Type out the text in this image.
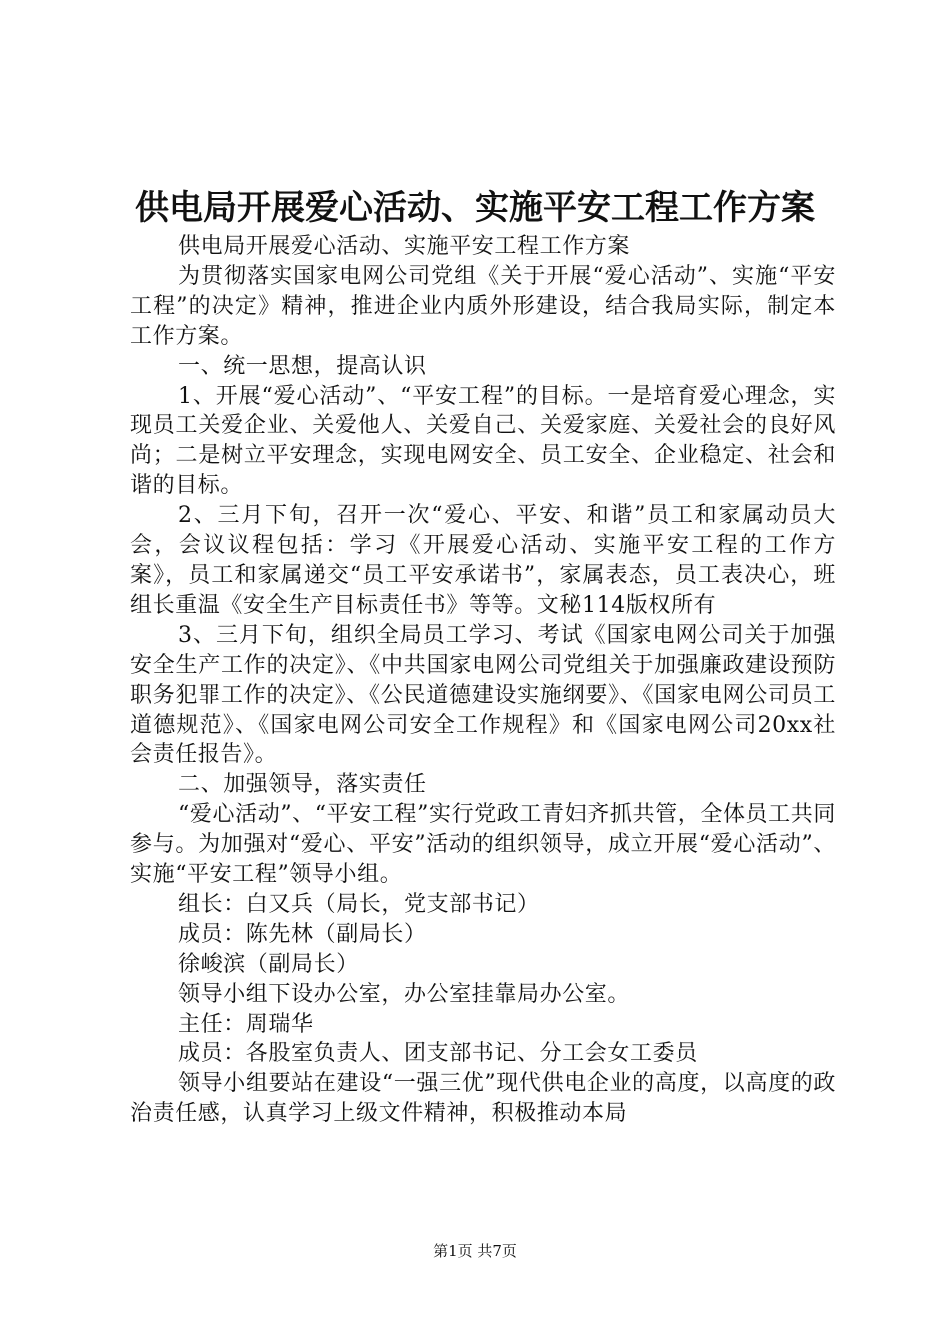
供电局开展爱心活动、实施平安工程工作方案

供电局开展爱心活动、实施平安工程工作方案

为贯彻落实国家电网公司党组《关于开展“爱心活动”、实施“平安工程”的决定》精神，推进企业内质外形建设，结合我局实际，制定本工作方案。

一、统一思想，提高认识

1、开展“爱心活动”、“平安工程”的目标。一是培育爱心理念，实现员工关爱企业、关爱他人、关爱自己、关爱家庭、关爱社会的良好风尚；二是树立平安理念，实现电网安全、员工安全、企业稳定、社会和谐的目标。

2、三月下旬，召开一次“爱心、平安、和谐”员工和家属动员大会，会议议程包括：学习《开展爱心活动、实施平安工程的工作方案》，员工和家属递交“员工平安承诺书”，家属表态，员工表决心，班组长重温《安全生产目标责任书》等等。文秘114版权所有

3、三月下旬，组织全局员工学习、考试《国家电网公司关于加强安全生产工作的决定》、《中共国家电网公司党组关于加强廉政建设预防职务犯罪工作的决定》、《公民道德建设实施纲要》、《国家电网公司员工道德规范》、《国家电网公司安全工作规程》和《国家电网公司20xx社会责任报告》。

二、加强领导，落实责任

“爱心活动”、“平安工程”实行党政工青妇齐抓共管，全体员工共同参与。为加强对“爱心、平安”活动的组织领导，成立开展“爱心活动”、实施“平安工程”领导小组。

组长：白又兵（局长，党支部书记）

成员：陈先林（副局长）

徐峻滨（副局长）

领导小组下设办公室，办公室挂靠局办公室。

主任：周瑞华

成员：各股室负责人、团支部书记、分工会女工委员

领导小组要站在建设“一强三优”现代供电企业的高度，以高度的政治责任感，认真学习上级文件精神，积极推动本局

第1页 共7页
